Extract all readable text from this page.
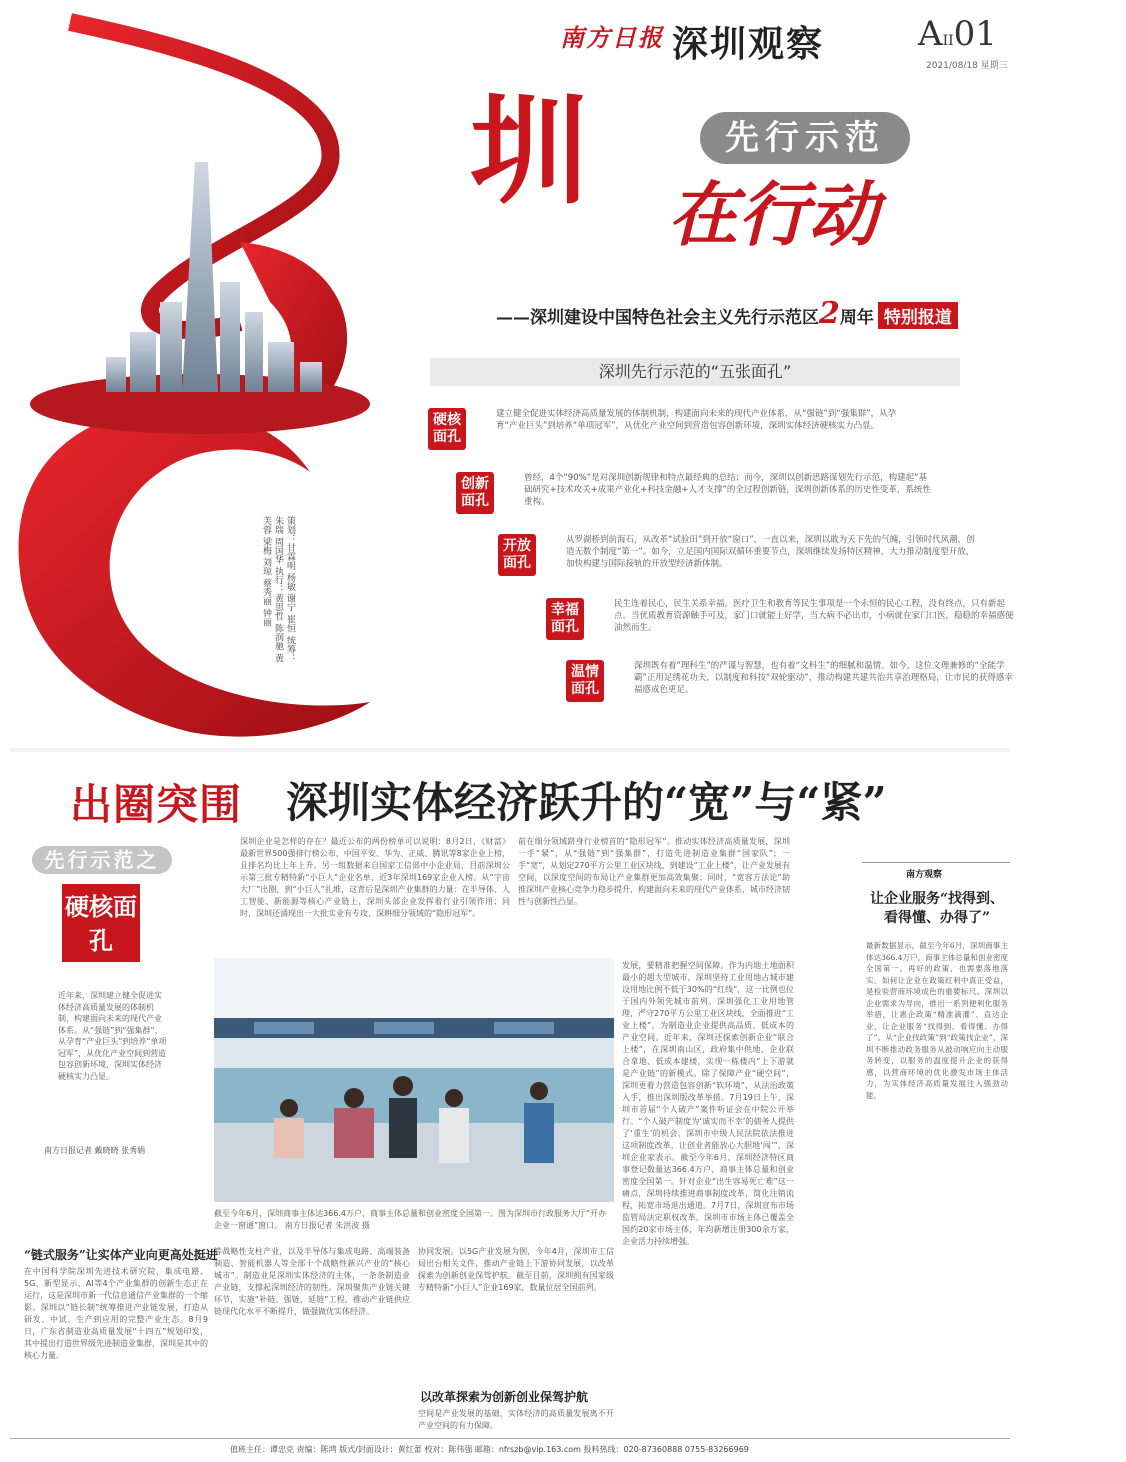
南方日报 深圳观察	AII01
2021/08/18 星期三
圳	先行示范
在行动
——深圳建设中国特色社会主义先行示范区2周年 特别报道
深圳先行示范的“五张面孔”
硬核面孔
建立健全促进实体经济高质量发展的体制机制，构建面向未来的现代产业体系，从“强链”到“强集群”，从孕育“产业巨头”到培养“单项冠军”，从优化产业空间到营造包容创新环境，深圳实体经济硬核实力凸显。
创新面孔
曾经，4个“90%”是对深圳创新规律和特点最经典的总结；而今，深圳以创新思路谋划先行示范，构建起“基础研究+技术攻关+成果产业化+科技金融+人才支撑”的全过程创新链，深圳创新体系的历史性变革，系统性重构。
开放面孔
从罗湖桥到前海石，从改革“试验田”到开放“窗口”，一直以来，深圳以敢为天下先的气魄，引领时代风潮，创造无数个制度“第一”。如今，立足国内国际双循环重要节点，深圳继续发扬特区精神，大力推动制度型开放，加快构建与国际接轨的开放型经济新体制。
幸福面孔
民生连着民心，民生关系幸福。医疗卫生和教育等民生事项是一个永恒的民心工程，没有终点，只有新起点。当优质教育资源触手可及，家门口就能上好学，当大病不必出市，小病就在家门口医，稳稳的幸福感便油然而生。
温情面孔
深圳既有着“理科生”的严谨与智慧，也有着“文科生”的细腻和温情。如今，这位文理兼修的“全能学霸”正用足绣花功夫，以制度和科技“双轮驱动”，推动构建共建共治共享治理格局，让市民的获得感幸福感成色更足。
策划：甘霖明 杨敏 谢宁 崔恒 统筹：朱瑞 周国华 执行：黄思哲 陈润驰 黄芙蓉 梁梅 刘琼 蔡秀丽 钟丽
出圈突围 深圳实体经济跃升的“宽”与“紧”
先行示范之
硬核面孔
近年来，深圳建立健全促进实体经济高质量发展的体制机制，构建面向未来的现代产业体系。从“强链”到“强集群”，从孕育“产业巨头”到培养“单项冠军”，从优化产业空间到营造包容创新环境，深圳实体经济硬核实力凸显。
南方日报记者 戴晓晓 张秀娟
深圳企业是怎样的存在？最近公布的两份榜单可以说明：8月2日，《财富》最新世界500强排行榜公布，中国平安、华为、正威、腾讯等8家企业上榜，且排名均比上年上升。另一组数据来自国家工信部中小企业局，目前深圳公示第三批专精特新“小巨人”企业名单，近3年深圳169家企业入榜。从“宇宙大厂”出圈，到“小巨人”扎堆，这背后是深圳产业集群的力量：在半导体、人工智能、新能源等核心产业链上，深圳头部企业发挥着行业引领作用；同时，深圳还涌现出一大批实业有专攻、深耕细分领域的“隐形冠军”。
前在细分领域跻身行业榜首的“隐形冠军”。推动实体经济高质量发展，深圳一手“紧”，从“强链”到“强集群”，打造先进制造业集群“国家队”；一手“宽”，从划定270平方公里工业区块线，到建设“工业上楼”，让产业发展有空间，以深度空间的布局让产业集群更加高效集聚；同时，“宽容方法论”助推深圳产业核心竞争力稳步提升，构建面向未来的现代产业体系，城市经济韧性与创新性凸显。
截至今年6月，深圳商事主体达366.4万户，商事主体总量和创业密度全国第一。图为深圳市行政服务大厅“开办企业一窗通”窗口。 南方日报记者 朱洪波 摄
发展，要精准把握空间保障。作为内地土地面积最小的超大型城市，深圳坚持工业用地占城市建设用地比例不低于30%的“红线”，这一比例也位于国内外领先城市前列。深圳强化工业用地管理，严守270平方公里工业区块线，全面推进“工业上楼”，为制造业企业提供高品质、低成本的产业空间。近年来，深圳还探索创新企业“联合上楼”，在深圳南山区，政府集中供地、企业联合拿地、低成本建楼，实现一栋楼内“上下游就是产业链”的新模式。除了保障产业“硬空间”，深圳更着力营造包容创新“软环境”，从法治政策入手，推出深圳版改革举措。7月19日上午，深圳市首届“个人破产”案件听证会在中院公开举行。“个人破产制度为‘诚实而不幸’的债务人提供了‘重生’的机会，深圳市中级人民法院依法推进这项制度改革，让创业者能放心大胆地‘闯’”，深圳企业家表示。截至今年6月，深圳经济特区商事登记数量达366.4万户，商事主体总量和创业密度全国第一。针对企业“出生容易死亡难”这一痛点，深圳持续推进商事制度改革，简化注销流程，拓宽市场退出通道。7月7日，深圳宣布市场监管局法定职权改革，深圳市市场主体已覆盖全国约20家市场主体，年均新增注册300余万家，企业活力持续增强。
南方观察
让企业服务“找得到、看得懂、办得了”
最新数据显示，截至今年6月，深圳商事主体达366.4万户，商事主体总量和创业密度全国第一。再好的政策，也需要落地落实。如何让企业在政策红利中真正受益，是检验营商环境成色的重要标尺。深圳以企业需求为导向，推出一系列便利化服务举措，让惠企政策“精准滴灌”、直达企业，让企业服务“找得到、看得懂、办得了”。从“企业找政策”到“政策找企业”，深圳不断推动政务服务从被动响应向主动服务转变，以服务的温度提升企业的获得感，以营商环境的优化激发市场主体活力，为实体经济高质量发展注入强劲动能。
“链式服务”让实体产业向更高处挺进
在中国科学院深圳先进技术研究院，集成电路、5G、新型显示、AI等4个产业集群的创新生态正在运行，这是深圳市新一代信息通信产业集群的一个缩影。深圳以“链长制”统筹推进产业链发展，打造从研发、中试、生产到应用的完整产业生态。8月9日，广东省制造业高质量发展“十四五”规划印发，其中提出打造世界级先进制造业集群，深圳是其中的核心力量。
等战略性支柱产业，以及半导体与集成电路、高端装备制造、智能机器人等全部十个战略性新兴产业的“核心城市”。制造业是深圳实体经济的主体，一条条制造业产业链，支撑起深圳经济的韧性。深圳聚焦产业链关键环节，实施“补链、强链、延链”工程，推动产业链供应链现代化水平不断提升，做强做优实体经济。
协同发展。以5G产业发展为例，今年4月，深圳市工信局出台相关文件，推动产业链上下游协同发展，以改革探索为创新创业保驾护航。截至目前，深圳拥有国家级专精特新“小巨人”企业169家，数量位居全国前列。
以改革探索为创新创业保驾护航
空间是产业发展的基础，实体经济的高质量发展离不开产业空间的有力保障。
值班主任：谭忠克 责编：陈鸿 版式/封面设计：黄红蕾 校对：陈伟强 邮箱：nfrszb@vip.163.com 报料热线：020-87360888 0755-83266969
